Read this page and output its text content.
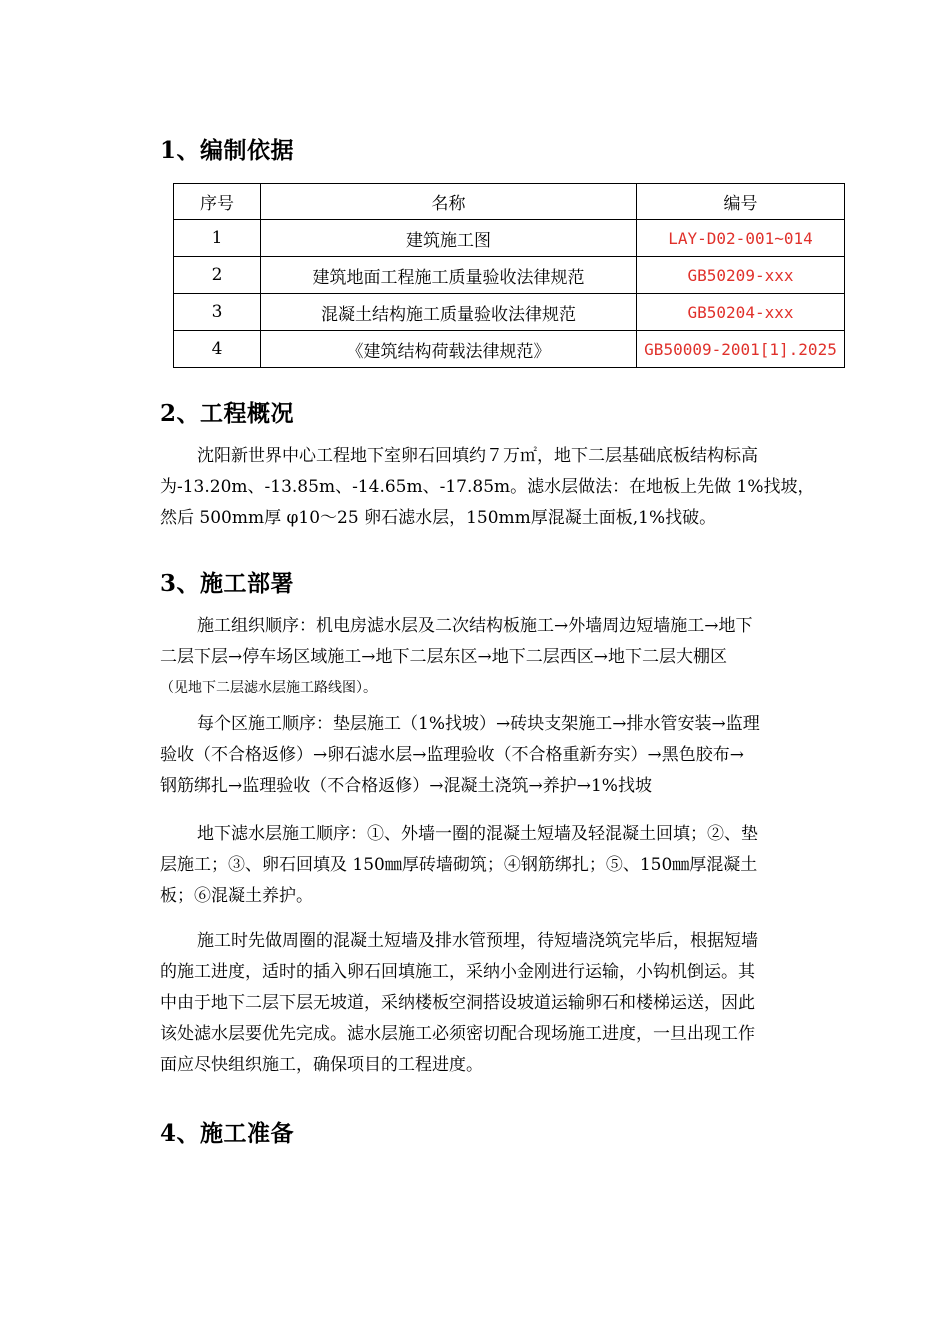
1、编制依据
序号	名称	编号
1	建筑施工图	LAY-D02-001~014
2	建筑地面工程施工质量验收法律规范	GB50209-xxx
3	混凝土结构施工质量验收法律规范	GB50204-xxx
4	《建筑结构荷载法律规范》	GB50009-2001[1].2025
2、工程概况
沈阳新世界中心工程地下室卵石回填约７万㎡，地下二层基础底板结构标高
为-13.20m、-13.85m、-14.65m、-17.85m。滤水层做法：在地板上先做 1%找坡，
然后 500mm厚 φ10～25 卵石滤水层，150mm厚混凝土面板,1%找破。
3、施工部署
施工组织顺序：机电房滤水层及二次结构板施工→外墙周边短墙施工→地下
二层下层→停车场区域施工→地下二层东区→地下二层西区→地下二层大棚区
（见地下二层滤水层施工路线图）。
每个区施工顺序：垫层施工（1%找坡）→砖块支架施工→排水管安装→监理
验收（不合格返修）→卵石滤水层→监理验收（不合格重新夯实）→黑色胶布→
钢筋绑扎→监理验收（不合格返修）→混凝土浇筑→养护→1%找坡
地下滤水层施工顺序：①、外墙一圈的混凝土短墙及轻混凝土回填；②、垫
层施工；③、卵石回填及 150㎜厚砖墙砌筑；④钢筋绑扎；⑤、150㎜厚混凝土
板；⑥混凝土养护。
施工时先做周圈的混凝土短墙及排水管预埋，待短墙浇筑完毕后，根据短墙
的施工进度，适时的插入卵石回填施工，采纳小金刚进行运输，小钩机倒运。其
中由于地下二层下层无坡道，采纳楼板空洞搭设坡道运输卵石和楼梯运送，因此
该处滤水层要优先完成。滤水层施工必须密切配合现场施工进度，一旦出现工作
面应尽快组织施工，确保项目的工程进度。
4、施工准备
